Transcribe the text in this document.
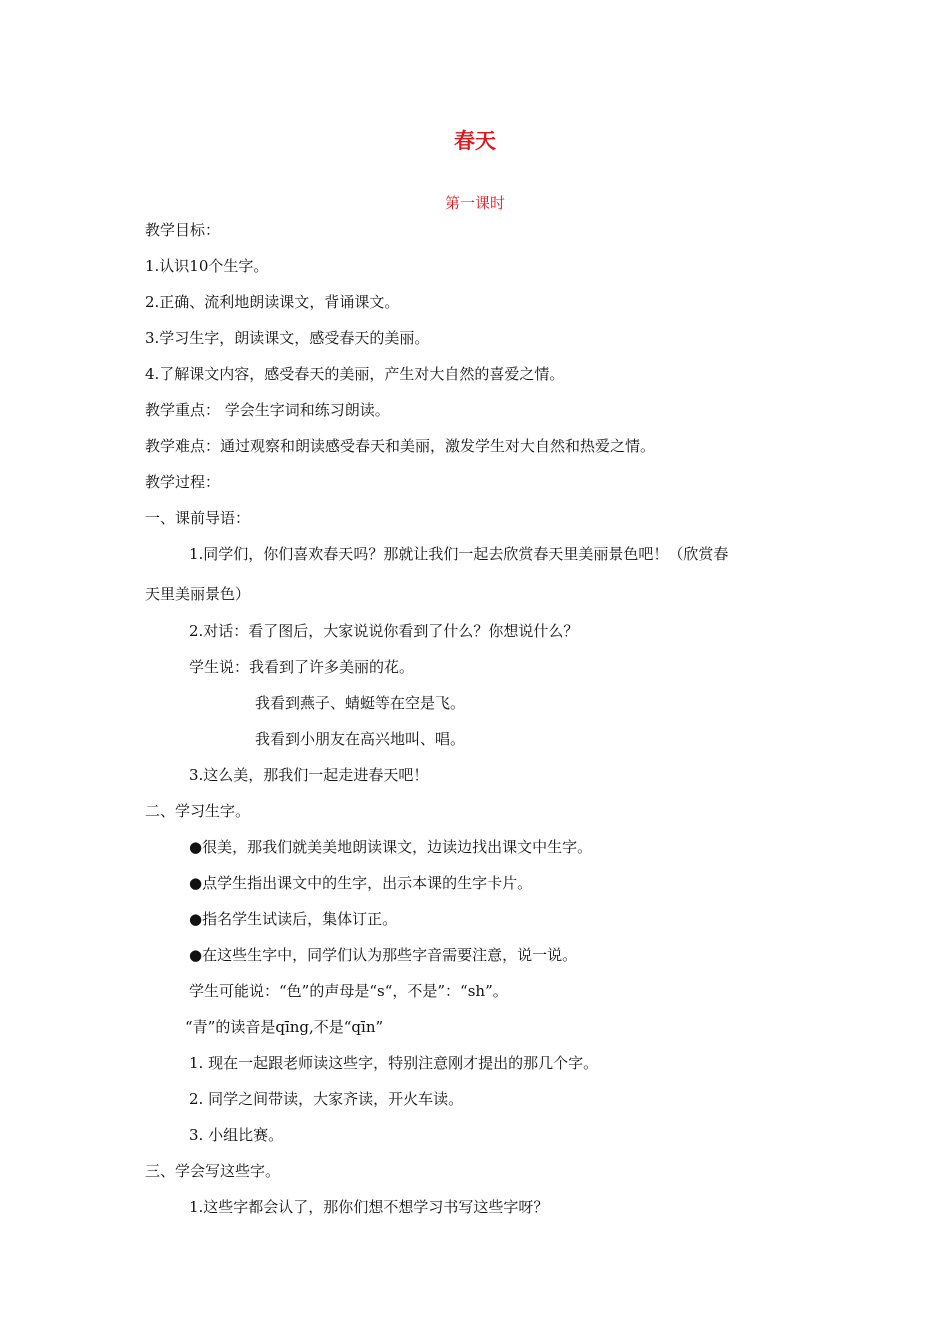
春天
第一课时
教学目标：
1.认识10个生字。
2.正确、流利地朗读课文，背诵课文。
3.学习生字，朗读课文，感受春天的美丽。
4.了解课文内容，感受春天的美丽，产生对大自然的喜爱之情。
教学重点： 学会生字词和练习朗读。
教学难点：通过观察和朗读感受春天和美丽，激发学生对大自然和热爱之情。
教学过程：
一、课前导语：
1.同学们，你们喜欢春天吗？那就让我们一起去欣赏春天里美丽景色吧！（欣赏春
天里美丽景色）
2.对话：看了图后，大家说说你看到了什么？你想说什么？
学生说：我看到了许多美丽的花。
我看到燕子、蜻蜓等在空是飞。
我看到小朋友在高兴地叫、唱。
3.这么美，那我们一起走进春天吧！
二、学习生字。
●很美，那我们就美美地朗读课文，边读边找出课文中生字。
●点学生指出课文中的生字，出示本课的生字卡片。
●指名学生试读后，集体订正。
●在这些生字中，同学们认为那些字音需要注意，说一说。
学生可能说：“色”的声母是“s“，不是”：“sh”。
“青”的读音是qīng,不是“qīn”
1. 现在一起跟老师读这些字，特别注意刚才提出的那几个字。
2. 同学之间带读，大家齐读，开火车读。
3. 小组比赛。
三、学会写这些字。
1.这些字都会认了，那你们想不想学习书写这些字呀？
